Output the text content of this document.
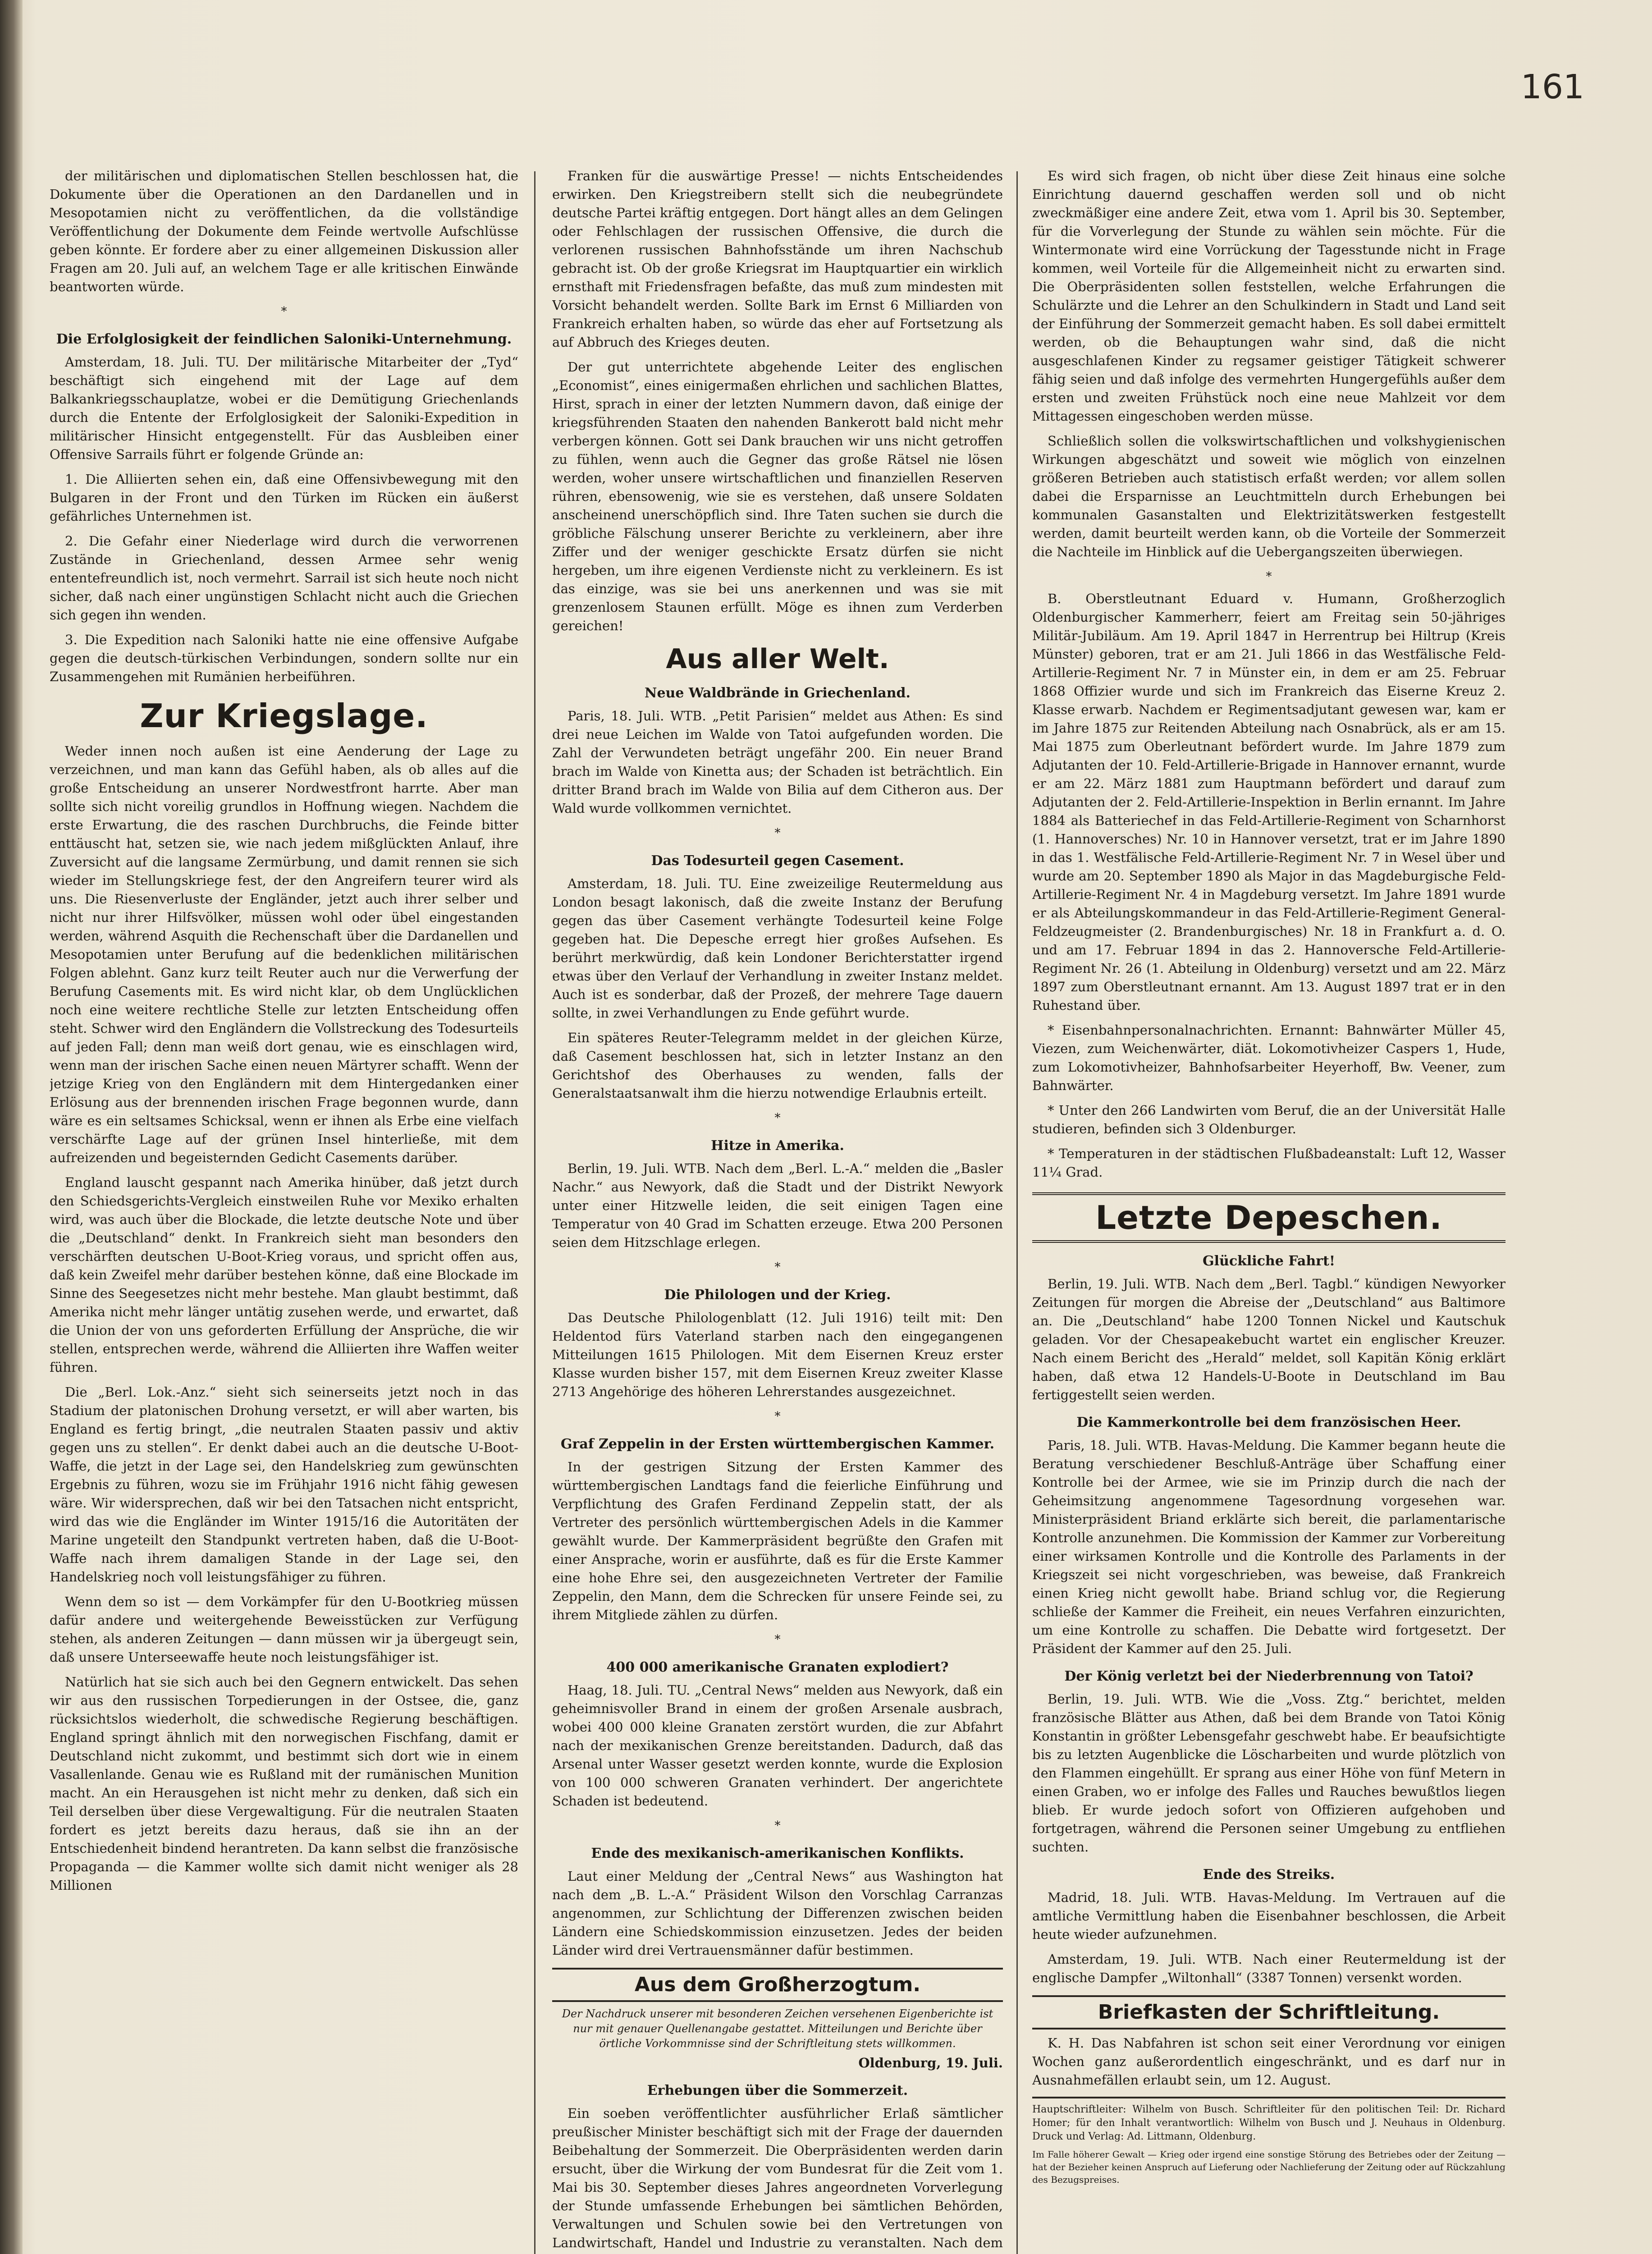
161

der militärischen und diplomatischen Stellen beschlossen hat, die Dokumente über die Operationen an den Dardanellen und in Mesopotamien nicht zu veröffentlichen, da die vollständige Veröffentlichung der Dokumente dem Feinde wertvolle Aufschlüsse geben könnte. Er fordere aber zu einer allgemeinen Diskussion aller Fragen am 20. Juli auf, an welchem Tage er alle kritischen Einwände beantworten würde.

*
Die Erfolglosigkeit der feindlichen Saloniki-Unternehmung.

Amsterdam, 18. Juli. TU. Der militärische Mitarbeiter der „Tyd“ beschäftigt sich eingehend mit der Lage auf dem Balkankriegsschauplatze, wobei er die Demütigung Griechenlands durch die Entente der Erfolglosigkeit der Saloniki-Expedition in militärischer Hinsicht entgegenstellt. Für das Ausbleiben einer Offensive Sarrails führt er folgende Gründe an:

1. Die Alliierten sehen ein, daß eine Offensivbewegung mit den Bulgaren in der Front und den Türken im Rücken ein äußerst gefährliches Unternehmen ist.

2. Die Gefahr einer Niederlage wird durch die verworrenen Zustände in Griechenland, dessen Armee sehr wenig ententefreundlich ist, noch vermehrt. Sarrail ist sich heute noch nicht sicher, daß nach einer ungünstigen Schlacht nicht auch die Griechen sich gegen ihn wenden.

3. Die Expedition nach Saloniki hatte nie eine offensive Aufgabe gegen die deutsch-türkischen Verbindungen, sondern sollte nur ein Zusammengehen mit Rumänien herbeiführen.

Zur Kriegslage.

Weder innen noch außen ist eine Aenderung der Lage zu verzeichnen, und man kann das Gefühl haben, als ob alles auf die große Entscheidung an unserer Nordwestfront harrte. Aber man sollte sich nicht voreilig grundlos in Hoffnung wiegen. Nachdem die erste Erwartung, die des raschen Durchbruchs, die Feinde bitter enttäuscht hat, setzen sie, wie nach jedem mißglückten Anlauf, ihre Zuversicht auf die langsame Zermürbung, und damit rennen sie sich wieder im Stellungskriege fest, der den Angreifern teurer wird als uns. Die Riesenverluste der Engländer, jetzt auch ihrer selber und nicht nur ihrer Hilfsvölker, müssen wohl oder übel eingestanden werden, während Asquith die Rechenschaft über die Dardanellen und Mesopotamien unter Berufung auf die bedenklichen militärischen Folgen ablehnt. Ganz kurz teilt Reuter auch nur die Verwerfung der Berufung Casements mit. Es wird nicht klar, ob dem Unglücklichen noch eine weitere rechtliche Stelle zur letzten Entscheidung offen steht. Schwer wird den Engländern die Vollstreckung des Todesurteils auf jeden Fall; denn man weiß dort genau, wie es einschlagen wird, wenn man der irischen Sache einen neuen Märtyrer schafft. Wenn der jetzige Krieg von den Engländern mit dem Hintergedanken einer Erlösung aus der brennenden irischen Frage begonnen wurde, dann wäre es ein seltsames Schicksal, wenn er ihnen als Erbe eine vielfach verschärfte Lage auf der grünen Insel hinterließe, mit dem aufreizenden und begeisternden Gedicht Casements darüber.

England lauscht gespannt nach Amerika hinüber, daß jetzt durch den Schiedsgerichts-Vergleich einstweilen Ruhe vor Mexiko erhalten wird, was auch über die Blockade, die letzte deutsche Note und über die „Deutschland“ denkt. In Frankreich sieht man besonders den verschärften deutschen U-Boot-Krieg voraus, und spricht offen aus, daß kein Zweifel mehr darüber bestehen könne, daß eine Blockade im Sinne des Seegesetzes nicht mehr bestehe. Man glaubt bestimmt, daß Amerika nicht mehr länger untätig zusehen werde, und erwartet, daß die Union der von uns geforderten Erfüllung der Ansprüche, die wir stellen, entsprechen werde, während die Alliierten ihre Waffen weiter führen.

Die „Berl. Lok.-Anz.“ sieht sich seinerseits jetzt noch in das Stadium der platonischen Drohung versetzt, er will aber warten, bis England es fertig bringt, „die neutralen Staaten passiv und aktiv gegen uns zu stellen“. Er denkt dabei auch an die deutsche U-Boot-Waffe, die jetzt in der Lage sei, den Handelskrieg zum gewünschten Ergebnis zu führen, wozu sie im Frühjahr 1916 nicht fähig gewesen wäre. Wir widersprechen, daß wir bei den Tatsachen nicht entspricht, wird das wie die Engländer im Winter 1915/16 die Autoritäten der Marine ungeteilt den Standpunkt vertreten haben, daß die U-Boot-Waffe nach ihrem damaligen Stande in der Lage sei, den Handelskrieg noch voll leistungsfähiger zu führen.

Wenn dem so ist — dem Vorkämpfer für den U-Bootkrieg müssen dafür andere und weitergehende Beweisstücken zur Verfügung stehen, als anderen Zeitungen — dann müssen wir ja übergeugt sein, daß unsere Unterseewaffe heute noch leistungsfähiger ist.

Natürlich hat sie sich auch bei den Gegnern entwickelt. Das sehen wir aus den russischen Torpedierungen in der Ostsee, die, ganz rücksichtslos wiederholt, die schwedische Regierung beschäftigen. England springt ähnlich mit den norwegischen Fischfang, damit er Deutschland nicht zukommt, und bestimmt sich dort wie in einem Vasallenlande. Genau wie es Rußland mit der rumänischen Munition macht. An ein Herausgehen ist nicht mehr zu denken, daß sich ein Teil derselben über diese Vergewaltigung. Für die neutralen Staaten fordert es jetzt bereits dazu heraus, daß sie ihn an der Entschiedenheit bindend herantreten. Da kann selbst die französische Propaganda — die Kammer wollte sich damit nicht weniger als 28 Millionen

Franken für die auswärtige Presse! — nichts Entscheidendes erwirken. Den Kriegstreibern stellt sich die neubegründete deutsche Partei kräftig entgegen. Dort hängt alles an dem Gelingen oder Fehlschlagen der russischen Offensive, die durch die verlorenen russischen Bahnhofsstände um ihren Nachschub gebracht ist. Ob der große Kriegsrat im Hauptquartier ein wirklich ernsthaft mit Friedensfragen befaßte, das muß zum mindesten mit Vorsicht behandelt werden. Sollte Bark im Ernst 6 Milliarden von Frankreich erhalten haben, so würde das eher auf Fortsetzung als auf Abbruch des Krieges deuten.

Der gut unterrichtete abgehende Leiter des englischen „Economist“, eines einigermaßen ehrlichen und sachlichen Blattes, Hirst, sprach in einer der letzten Nummern davon, daß einige der kriegsführenden Staaten den nahenden Bankerott bald nicht mehr verbergen können. Gott sei Dank brauchen wir uns nicht getroffen zu fühlen, wenn auch die Gegner das große Rätsel nie lösen werden, woher unsere wirtschaftlichen und finanziellen Reserven rühren, ebensowenig, wie sie es verstehen, daß unsere Soldaten anscheinend unerschöpflich sind. Ihre Taten suchen sie durch die gröbliche Fälschung unserer Berichte zu verkleinern, aber ihre Ziffer und der weniger geschickte Ersatz dürfen sie nicht hergeben, um ihre eigenen Verdienste nicht zu verkleinern. Es ist das einzige, was sie bei uns anerkennen und was sie mit grenzenlosem Staunen erfüllt. Möge es ihnen zum Verderben gereichen!

Aus aller Welt.
Neue Waldbrände in Griechenland.

Paris, 18. Juli. WTB. „Petit Parisien“ meldet aus Athen: Es sind drei neue Leichen im Walde von Tatoi aufgefunden worden. Die Zahl der Verwundeten beträgt ungefähr 200. Ein neuer Brand brach im Walde von Kinetta aus; der Schaden ist beträchtlich. Ein dritter Brand brach im Walde von Bilia auf dem Citheron aus. Der Wald wurde vollkommen vernichtet.

*
Das Todesurteil gegen Casement.

Amsterdam, 18. Juli. TU. Eine zweizeilige Reutermeldung aus London besagt lakonisch, daß die zweite Instanz der Berufung gegen das über Casement verhängte Todesurteil keine Folge gegeben hat. Die Depesche erregt hier großes Aufsehen. Es berührt merkwürdig, daß kein Londoner Berichterstatter irgend etwas über den Verlauf der Verhandlung in zweiter Instanz meldet. Auch ist es sonderbar, daß der Prozeß, der mehrere Tage dauern sollte, in zwei Verhandlungen zu Ende geführt wurde.

Ein späteres Reuter-Telegramm meldet in der gleichen Kürze, daß Casement beschlossen hat, sich in letzter Instanz an den Gerichtshof des Oberhauses zu wenden, falls der Generalstaatsanwalt ihm die hierzu notwendige Erlaubnis erteilt.

*
Hitze in Amerika.

Berlin, 19. Juli. WTB. Nach dem „Berl. L.-A.“ melden die „Basler Nachr.“ aus Newyork, daß die Stadt und der Distrikt Newyork unter einer Hitzwelle leiden, die seit einigen Tagen eine Temperatur von 40 Grad im Schatten erzeuge. Etwa 200 Personen seien dem Hitzschlage erlegen.

*
Die Philologen und der Krieg.

Das Deutsche Philologenblatt (12. Juli 1916) teilt mit: Den Heldentod fürs Vaterland starben nach den eingegangenen Mitteilungen 1615 Philologen. Mit dem Eisernen Kreuz erster Klasse wurden bisher 157, mit dem Eisernen Kreuz zweiter Klasse 2713 Angehörige des höheren Lehrerstandes ausgezeichnet.

*
Graf Zeppelin in der Ersten württembergischen Kammer.

In der gestrigen Sitzung der Ersten Kammer des württembergischen Landtags fand die feierliche Einführung und Verpflichtung des Grafen Ferdinand Zeppelin statt, der als Vertreter des persönlich württembergischen Adels in die Kammer gewählt wurde. Der Kammerpräsident begrüßte den Grafen mit einer Ansprache, worin er ausführte, daß es für die Erste Kammer eine hohe Ehre sei, den ausgezeichneten Vertreter der Familie Zeppelin, den Mann, dem die Schrecken für unsere Feinde sei, zu ihrem Mitgliede zählen zu dürfen.

*
400 000 amerikanische Granaten explodiert?

Haag, 18. Juli. TU. „Central News“ melden aus Newyork, daß ein geheimnisvoller Brand in einem der großen Arsenale ausbrach, wobei 400 000 kleine Granaten zerstört wurden, die zur Abfahrt nach der mexikanischen Grenze bereitstanden. Dadurch, daß das Arsenal unter Wasser gesetzt werden konnte, wurde die Explosion von 100 000 schweren Granaten verhindert. Der angerichtete Schaden ist bedeutend.

*
Ende des mexikanisch-amerikanischen Konflikts.

Laut einer Meldung der „Central News“ aus Washington hat nach dem „B. L.-A.“ Präsident Wilson den Vorschlag Carranzas angenommen, zur Schlichtung der Differenzen zwischen beiden Ländern eine Schiedskommission einzusetzen. Jedes der beiden Länder wird drei Vertrauensmänner dafür bestimmen.

Aus dem Großherzogtum.
Der Nachdruck unserer mit besonderen Zeichen versehenen Eigenberichte ist nur mit genauer Quellenangabe gestattet. Mitteilungen und Berichte über örtliche Vorkommnisse sind der Schriftleitung stets willkommen.
Oldenburg, 19. Juli.
Erhebungen über die Sommerzeit.

Ein soeben veröffentlichter ausführlicher Erlaß sämtlicher preußischer Minister beschäftigt sich mit der Frage der dauernden Beibehaltung der Sommerzeit. Die Oberpräsidenten werden darin ersucht, über die Wirkung der vom Bundesrat für die Zeit vom 1. Mai bis 30. September dieses Jahres angeordneten Vorverlegung der Stunde umfassende Erhebungen bei sämtlichen Behörden, Verwaltungen und Schulen sowie bei den Vertretungen von Landwirtschaft, Handel und Industrie zu veranstalten. Nach dem

Es wird sich fragen, ob nicht über diese Zeit hinaus eine solche Einrichtung dauernd geschaffen werden soll und ob nicht zweckmäßiger eine andere Zeit, etwa vom 1. April bis 30. September, für die Vorverlegung der Stunde zu wählen sein möchte. Für die Wintermonate wird eine Vorrückung der Tagesstunde nicht in Frage kommen, weil Vorteile für die Allgemeinheit nicht zu erwarten sind. Die Oberpräsidenten sollen feststellen, welche Erfahrungen die Schulärzte und die Lehrer an den Schulkindern in Stadt und Land seit der Einführung der Sommerzeit gemacht haben. Es soll dabei ermittelt werden, ob die Behauptungen wahr sind, daß die nicht ausgeschlafenen Kinder zu regsamer geistiger Tätigkeit schwerer fähig seien und daß infolge des vermehrten Hungergefühls außer dem ersten und zweiten Frühstück noch eine neue Mahlzeit vor dem Mittagessen eingeschoben werden müsse.

Schließlich sollen die volkswirtschaftlichen und volkshygienischen Wirkungen abgeschätzt und soweit wie möglich von einzelnen größeren Betrieben auch statistisch erfaßt werden; vor allem sollen dabei die Ersparnisse an Leuchtmitteln durch Erhebungen bei kommunalen Gasanstalten und Elektrizitätswerken festgestellt werden, damit beurteilt werden kann, ob die Vorteile der Sommerzeit die Nachteile im Hinblick auf die Uebergangszeiten überwiegen.

*

B. Oberstleutnant Eduard v. Humann, Großherzoglich Oldenburgischer Kammerherr, feiert am Freitag sein 50-jähriges Militär-Jubiläum. Am 19. April 1847 in Herrentrup bei Hiltrup (Kreis Münster) geboren, trat er am 21. Juli 1866 in das Westfälische Feld-Artillerie-Regiment Nr. 7 in Münster ein, in dem er am 25. Februar 1868 Offizier wurde und sich im Frankreich das Eiserne Kreuz 2. Klasse erwarb. Nachdem er Regimentsadjutant gewesen war, kam er im Jahre 1875 zur Reitenden Abteilung nach Osnabrück, als er am 15. Mai 1875 zum Oberleutnant befördert wurde. Im Jahre 1879 zum Adjutanten der 10. Feld-Artillerie-Brigade in Hannover ernannt, wurde er am 22. März 1881 zum Hauptmann befördert und darauf zum Adjutanten der 2. Feld-Artillerie-Inspektion in Berlin ernannt. Im Jahre 1884 als Batteriechef in das Feld-Artillerie-Regiment von Scharnhorst (1. Hannoversches) Nr. 10 in Hannover versetzt, trat er im Jahre 1890 in das 1. Westfälische Feld-Artillerie-Regiment Nr. 7 in Wesel über und wurde am 20. September 1890 als Major in das Magdeburgische Feld-Artillerie-Regiment Nr. 4 in Magdeburg versetzt. Im Jahre 1891 wurde er als Abteilungskommandeur in das Feld-Artillerie-Regiment General-Feldzeugmeister (2. Brandenburgisches) Nr. 18 in Frankfurt a. d. O. und am 17. Februar 1894 in das 2. Hannoversche Feld-Artillerie-Regiment Nr. 26 (1. Abteilung in Oldenburg) versetzt und am 22. März 1897 zum Oberstleutnant ernannt. Am 13. August 1897 trat er in den Ruhestand über.

* Eisenbahnpersonalnachrichten. Ernannt: Bahnwärter Müller 45, Viezen, zum Weichenwärter, diät. Lokomotivheizer Caspers 1, Hude, zum Lokomotivheizer, Bahnhofsarbeiter Heyerhoff, Bw. Veener, zum Bahnwärter.

* Unter den 266 Landwirten vom Beruf, die an der Universität Halle studieren, befinden sich 3 Oldenburger.

* Temperaturen in der städtischen Flußbadeanstalt: Luft 12, Wasser 11¼ Grad.

Letzte Depeschen.
Glückliche Fahrt!

Berlin, 19. Juli. WTB. Nach dem „Berl. Tagbl.“ kündigen Newyorker Zeitungen für morgen die Abreise der „Deutschland“ aus Baltimore an. Die „Deutschland“ habe 1200 Tonnen Nickel und Kautschuk geladen. Vor der Chesapeakebucht wartet ein englischer Kreuzer. Nach einem Bericht des „Herald“ meldet, soll Kapitän König erklärt haben, daß etwa 12 Handels-U-Boote in Deutschland im Bau fertiggestellt seien werden.

Die Kammerkontrolle bei dem französischen Heer.

Paris, 18. Juli. WTB. Havas-Meldung. Die Kammer begann heute die Beratung verschiedener Beschluß-Anträge über Schaffung einer Kontrolle bei der Armee, wie sie im Prinzip durch die nach der Geheimsitzung angenommene Tagesordnung vorgesehen war. Ministerpräsident Briand erklärte sich bereit, die parlamentarische Kontrolle anzunehmen. Die Kommission der Kammer zur Vorbereitung einer wirksamen Kontrolle und die Kontrolle des Parlaments in der Kriegszeit sei nicht vorgeschrieben, was beweise, daß Frankreich einen Krieg nicht gewollt habe. Briand schlug vor, die Regierung schließe der Kammer die Freiheit, ein neues Verfahren einzurichten, um eine Kontrolle zu schaffen. Die Debatte wird fortgesetzt. Der Präsident der Kammer auf den 25. Juli.

Der König verletzt bei der Niederbrennung von Tatoi?

Berlin, 19. Juli. WTB. Wie die „Voss. Ztg.“ berichtet, melden französische Blätter aus Athen, daß bei dem Brande von Tatoi König Konstantin in größter Lebensgefahr geschwebt habe. Er beaufsichtigte bis zu letzten Augenblicke die Löscharbeiten und wurde plötzlich von den Flammen eingehüllt. Er sprang aus einer Höhe von fünf Metern in einen Graben, wo er infolge des Falles und Rauches bewußtlos liegen blieb. Er wurde jedoch sofort von Offizieren aufgehoben und fortgetragen, während die Personen seiner Umgebung zu entfliehen suchten.

Ende des Streiks.

Madrid, 18. Juli. WTB. Havas-Meldung. Im Vertrauen auf die amtliche Vermittlung haben die Eisenbahner beschlossen, die Arbeit heute wieder aufzunehmen.

Amsterdam, 19. Juli. WTB. Nach einer Reutermeldung ist der englische Dampfer „Wiltonhall“ (3387 Tonnen) versenkt worden.

Briefkasten der Schriftleitung.

K. H. Das Nabfahren ist schon seit einer Verordnung vor einigen Wochen ganz außerordentlich eingeschränkt, und es darf nur in Ausnahmefällen erlaubt sein, um 12. August.

Hauptschriftleiter: Wilhelm von Busch. Schriftleiter für den politischen Teil: Dr. Richard Homer; für den Inhalt verantwortlich: Wilhelm von Busch und J. Neuhaus in Oldenburg. Druck und Verlag: Ad. Littmann, Oldenburg.
Im Falle höherer Gewalt — Krieg oder irgend eine sonstige Störung des Betriebes oder der Zeitung — hat der Bezieher keinen Anspruch auf Lieferung oder Nachlieferung der Zeitung oder auf Rückzahlung des Bezugspreises.
